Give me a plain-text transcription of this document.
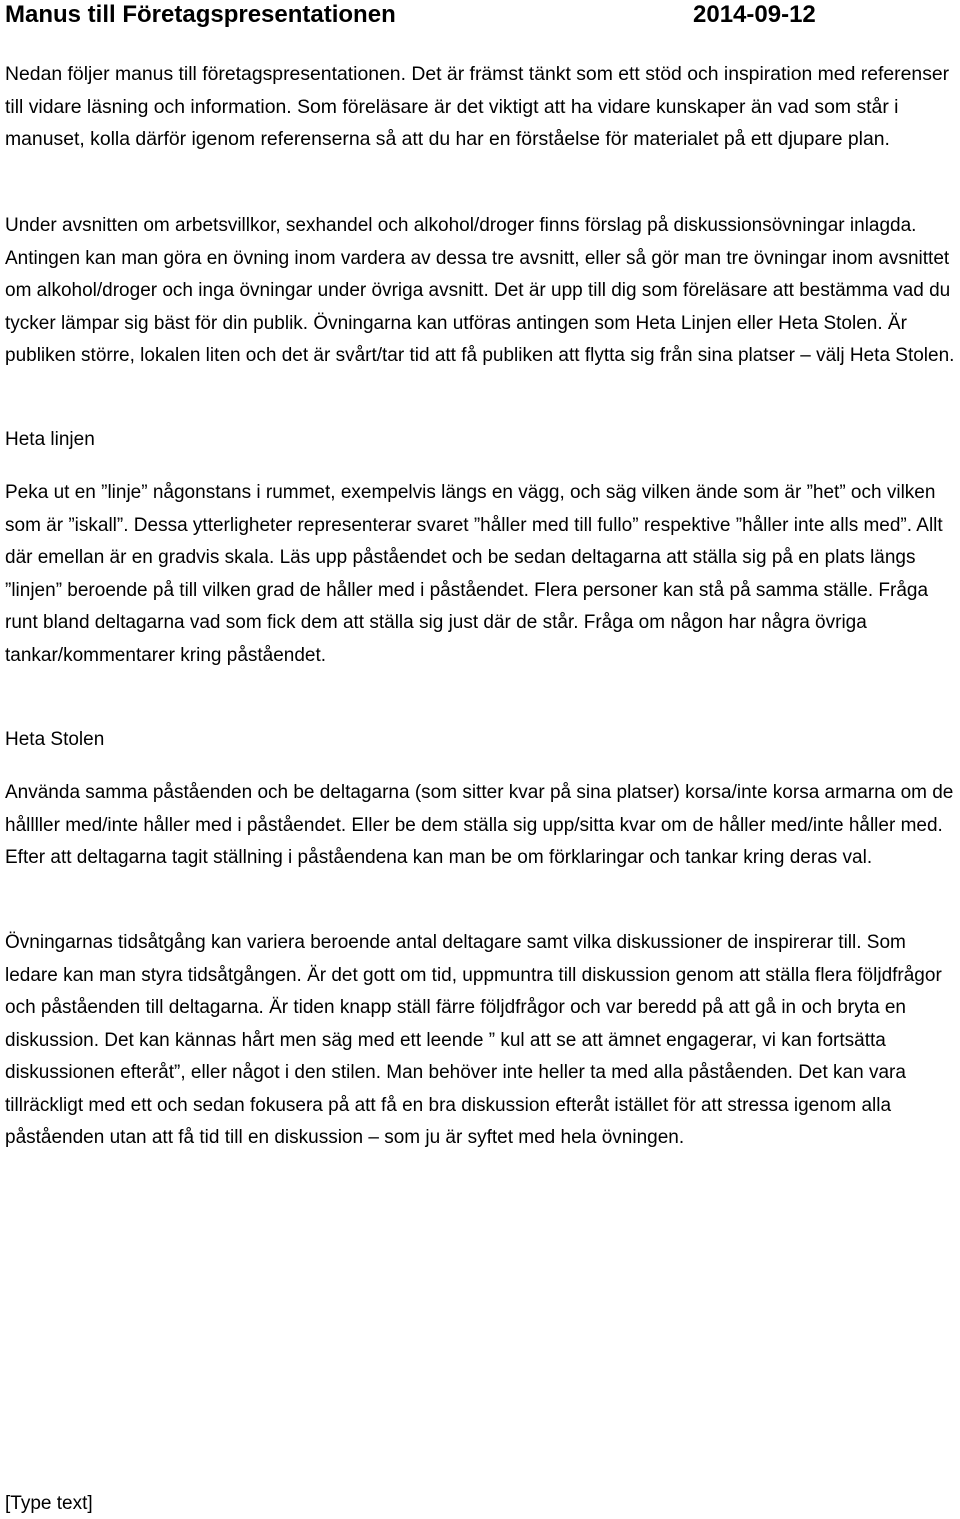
Manus till Företagspresentationen	2014-09-12

Nedan följer manus till företagspresentationen. Det är främst tänkt som ett stöd och inspiration med referenser till vidare läsning och information. Som föreläsare är det viktigt att ha vidare kunskaper än vad som står i manuset, kolla därför igenom referenserna så att du har en förståelse för materialet på ett djupare plan.

Under avsnitten om arbetsvillkor, sexhandel och alkohol/droger finns förslag på diskussionsövningar inlagda. Antingen kan man göra en övning inom vardera av dessa tre avsnitt, eller så gör man tre övningar inom avsnittet om alkohol/droger och inga övningar under övriga avsnitt. Det är upp till dig som föreläsare att bestämma vad du tycker lämpar sig bäst för din publik. Övningarna kan utföras antingen som Heta Linjen eller Heta Stolen. Är publiken större, lokalen liten och det är svårt/tar tid att få publiken att flytta sig från sina platser – välj Heta Stolen.

Heta linjen

Peka ut en ”linje” någonstans i rummet, exempelvis längs en vägg, och säg vilken ände som är ”het” och vilken som är ”iskall”. Dessa ytterligheter representerar svaret ”håller med till fullo” respektive ”håller inte alls med”. Allt där emellan är en gradvis skala. Läs upp påståendet och be sedan deltagarna att ställa sig på en plats längs ”linjen” beroende på till vilken grad de håller med i påståendet. Flera personer kan stå på samma ställe. Fråga runt bland deltagarna vad som fick dem att ställa sig just där de står. Fråga om någon har några övriga tankar/kommentarer kring påståendet.

Heta Stolen

Använda samma påståenden och be deltagarna (som sitter kvar på sina platser) korsa/inte korsa armarna om de hållller med/inte håller med i påståendet. Eller be dem ställa sig upp/sitta kvar om de håller med/inte håller med. Efter att deltagarna tagit ställning i påståendena kan man be om förklaringar och tankar kring deras val.

Övningarnas tidsåtgång kan variera beroende antal deltagare samt vilka diskussioner de inspirerar till. Som ledare kan man styra tidsåtgången. Är det gott om tid, uppmuntra till diskussion genom att ställa flera följdfrågor och påståenden till deltagarna. Är tiden knapp ställ färre följdfrågor och var beredd på att gå in och bryta en diskussion. Det kan kännas hårt men säg med ett leende ” kul att se att ämnet engagerar, vi kan fortsätta diskussionen efteråt”, eller något i den stilen. Man behöver inte heller ta med alla påståenden. Det kan vara tillräckligt med ett och sedan fokusera på att få en bra diskussion efteråt istället för att stressa igenom alla påståenden utan att få tid till en diskussion – som ju är syftet med hela övningen.

[Type text]
